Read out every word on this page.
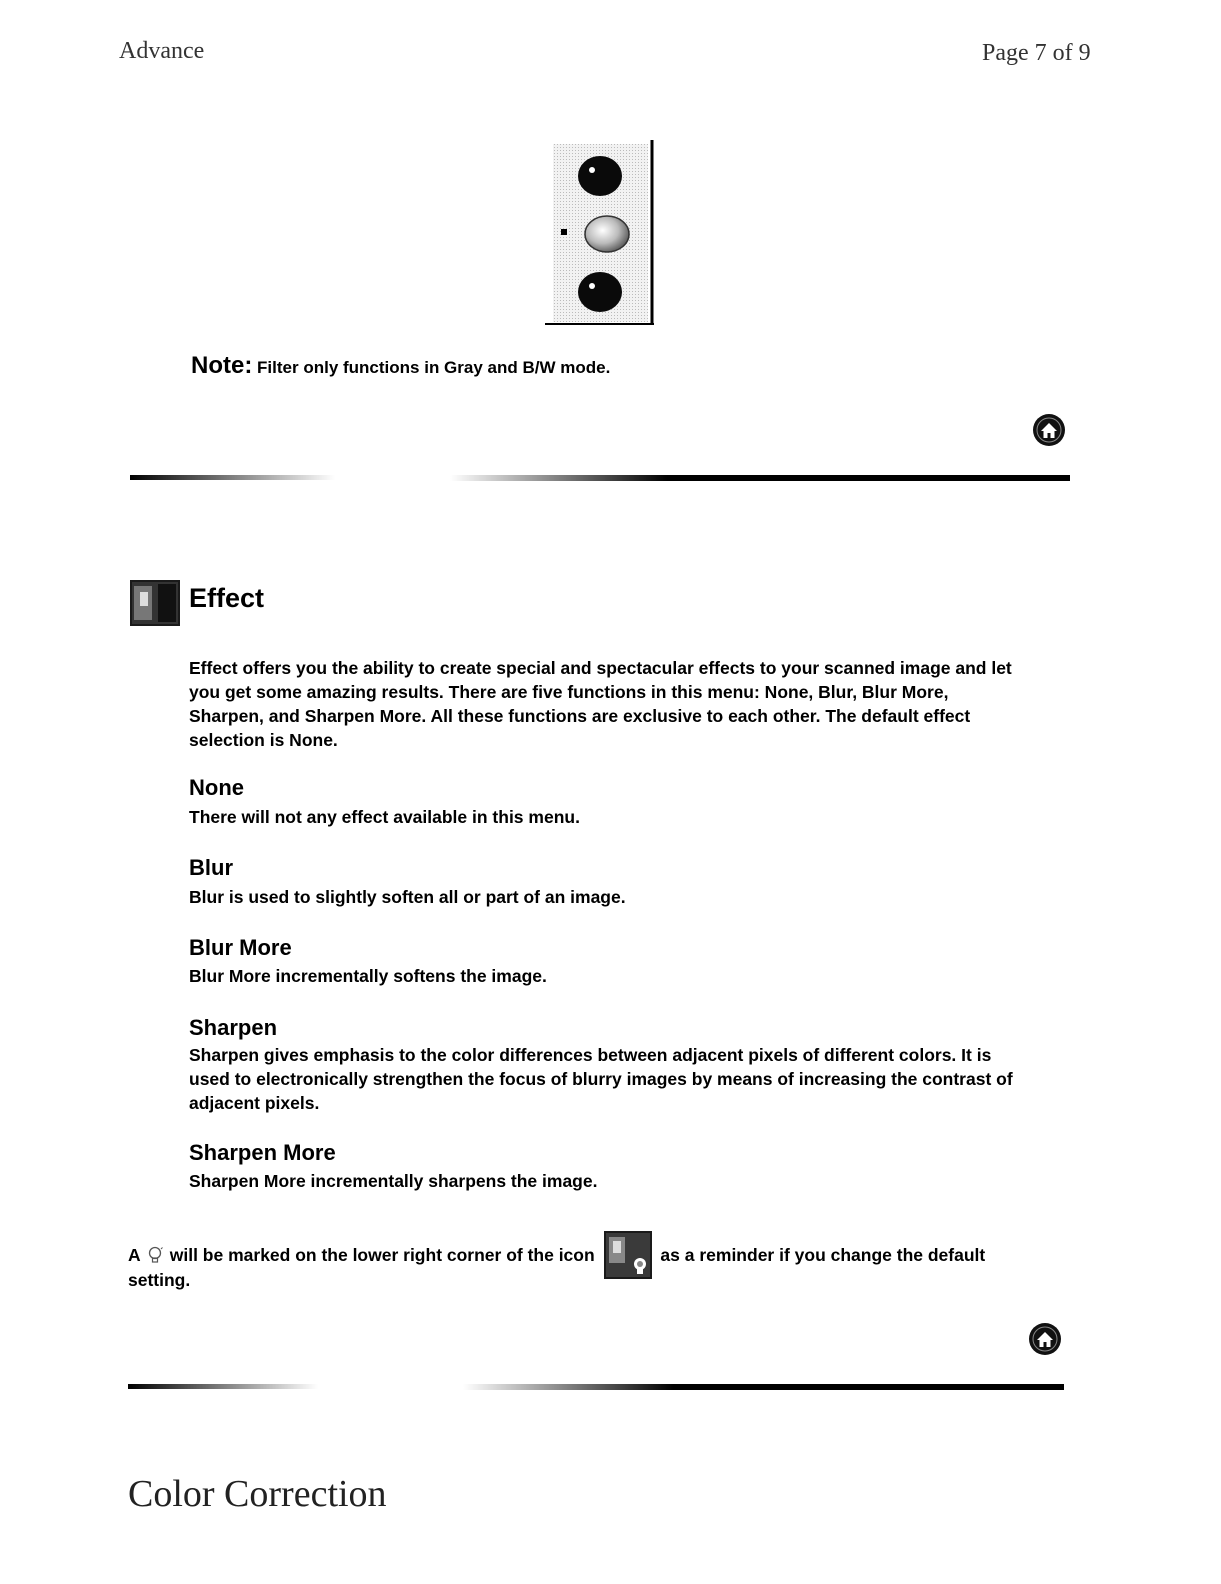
Advance	Page 7 of 9
Note: Filter only functions in Gray and B/W mode.
Effect
Effect offers you the ability to create special and spectacular effects to your scanned image and let you get some amazing results. There are five functions in this menu: None, Blur, Blur More, Sharpen, and Sharpen More. All these functions are exclusive to each other. The default effect selection is None.
None
There will not any effect available in this menu.
Blur
Blur is used to slightly soften all or part of an image.
Blur More
Blur More incrementally softens the image.
Sharpen
Sharpen gives emphasis to the color differences between adjacent pixels of different colors. It is used to electronically strengthen the focus of blurry images by means of increasing the contrast of adjacent pixels.
Sharpen More
Sharpen More incrementally sharpens the image.
A will be marked on the lower right corner of the icon	as a reminder if you change the default
setting.
Color Correction
